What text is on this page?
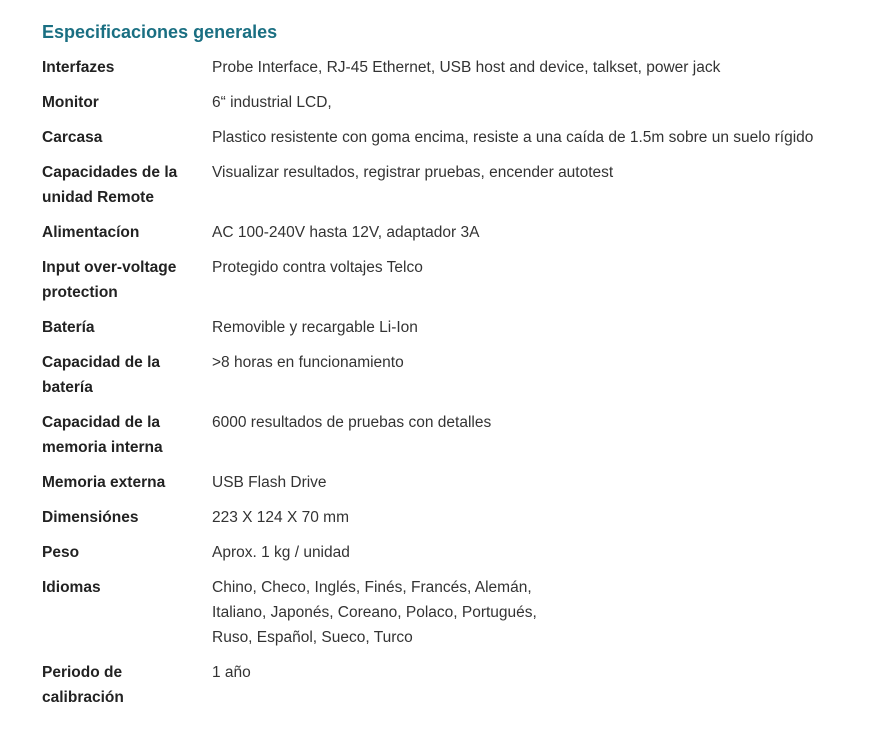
Especificaciones generales
Interfazes	Probe Interface, RJ-45 Ethernet, USB host and device, talkset, power jack

Monitor	6“ industrial LCD,

Carcasa	Plastico resistente con goma encima, resiste a una caída de 1.5m sobre un suelo rígido

Capacidades de la unidad Remote	Visualizar resultados, registrar pruebas, encender autotest

Alimentacíon	AC 100-240V hasta 12V, adaptador 3A

Input over-voltage protection	Protegido contra voltajes Telco

Batería	Removible y recargable Li-Ion

Capacidad de la batería	>8 horas en funcionamiento

Capacidad de la memoria interna	6000 resultados de pruebas con detalles

Memoria externa	USB Flash Drive

Dimensiónes	223 X 124 X 70 mm

Peso	Aprox. 1 kg / unidad

Idiomas	Chino, Checo, Inglés, Finés, Francés, Alemán,
Italiano, Japonés, Coreano, Polaco, Portugués,
Ruso, Español, Sueco, Turco

Periodo de calibración	1 año
